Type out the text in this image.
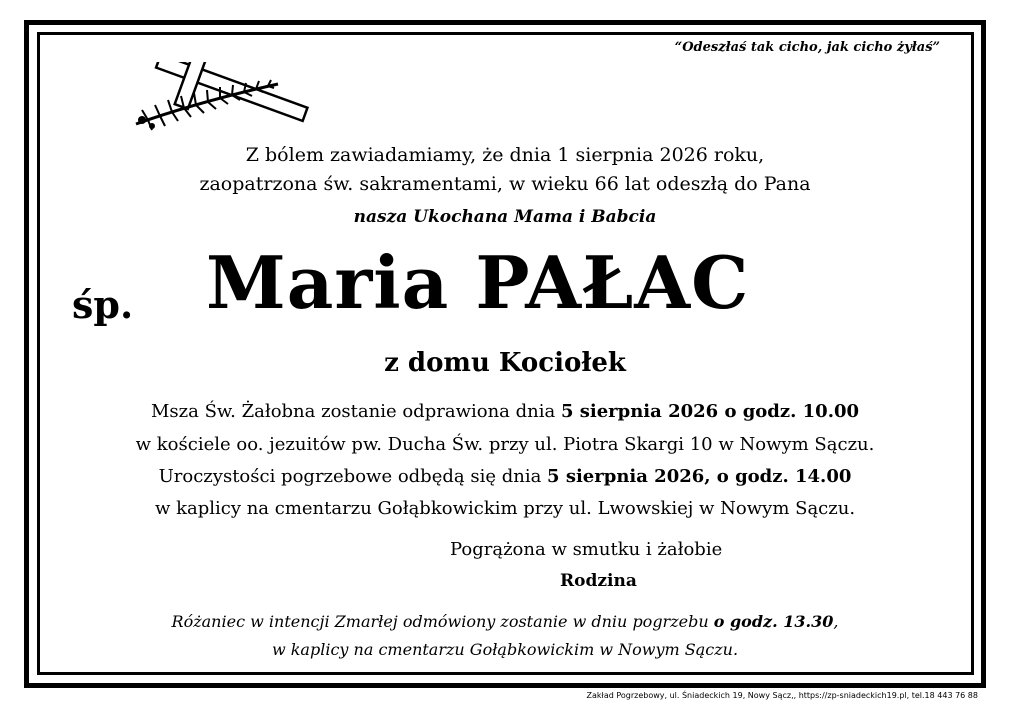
“Odeszłaś tak cicho, jak cicho żyłaś”
Z bólem zawiadamiamy, że dnia 1 sierpnia 2026 roku,
zaopatrzona św. sakramentami, w wieku 66 lat odeszłą do Pana
nasza Ukochana Mama i Babcia
śp. Maria PAŁAC
z domu Kociołek
Msza Św. Żałobna zostanie odprawiona dnia 5 sierpnia 2026 o godz. 10.00
w kościele oo. jezuitów pw. Ducha Św. przy ul. Piotra Skargi 10 w Nowym Sączu.
Uroczystości pogrzebowe odbędą się dnia 5 sierpnia 2026, o godz. 14.00
w kaplicy na cmentarzu Gołąbkowickim przy ul. Lwowskiej w Nowym Sączu.
Pogrążona w smutku i żałobie
Rodzina
Różaniec w intencji Zmarłej odmówiony zostanie w dniu pogrzebu o godz. 13.30,
w kaplicy na cmentarzu Gołąbkowickim w Nowym Sączu.
Zakład Pogrzebowy, ul. Śniadeckich 19, Nowy Sącz,, https://zp-sniadeckich19.pl, tel.18 443 76 88
